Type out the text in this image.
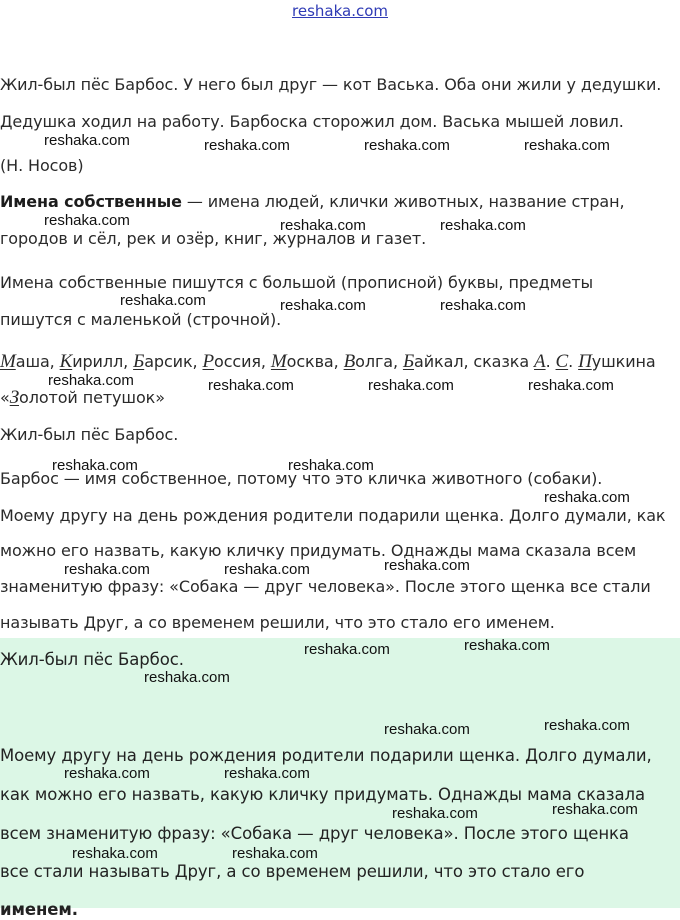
reshaka.com
Жил-был пёс Барбос. У него был друг — кот Васька. Оба они жили у дедушки.
Дедушка ходил на работу. Барбоска сторожил дом. Васька мышей ловил.
(Н. Носов)
Имена собственные — имена людей, клички животных, название стран,
городов и сёл, рек и озёр, книг, журналов и газет.
Имена собственные пишутся с большой (прописной) буквы, предметы
пишутся с маленькой (строчной).
Маша, Кирилл, Барсик, Россия, Москва, Волга, Байкал, сказка А. С. Пушкина
«Золотой петушок»
Жил-был пёс Барбос.
Барбос — имя собственное, потому что это кличка животного (собаки).
Моему другу на день рождения родители подарили щенка. Долго думали, как
можно его назвать, какую кличку придумать. Однажды мама сказала всем
знаменитую фразу: «Собака — друг человека». После этого щенка все стали
называть Друг, а со временем решили, что это стало его именем.
Жил-был пёс Барбос.
Моему другу на день рождения родители подарили щенка. Долго думали,
как можно его назвать, какую кличку придумать. Однажды мама сказала
всем знаменитую фразу: «Собака — друг человека». После этого щенка
все стали называть Друг, а со временем решили, что это стало его
именем.
reshaka.com	reshaka.com	reshaka.com	reshaka.com
reshaka.com	reshaka.com	reshaka.com
reshaka.com	reshaka.com	reshaka.com
reshaka.com	reshaka.com	reshaka.com	reshaka.com
reshaka.com	reshaka.com
reshaka.com
reshaka.com	reshaka.com	reshaka.com
reshaka.com	reshaka.com
reshaka.com
reshaka.com	reshaka.com
reshaka.com	reshaka.com
reshaka.com	reshaka.com
reshaka.com	reshaka.com
